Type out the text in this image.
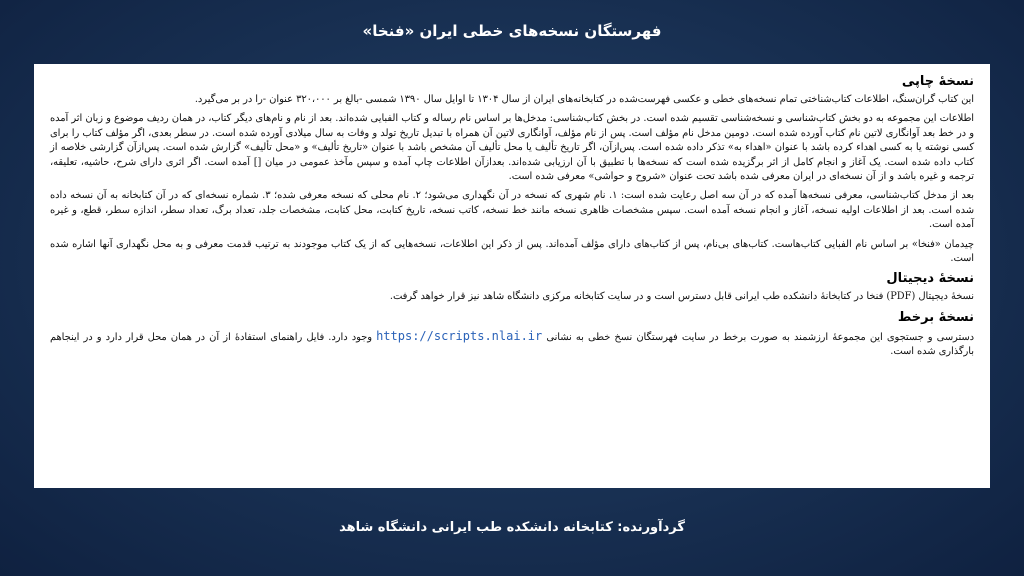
فهرستگان نسخه‌های خطی ایران «فنخا»
نسخهٔ چاپی

این کتاب گران‌سنگ، اطلاعات کتاب‌شناختی تمام نسخه‌های خطی و عکسی فهرست‌شده در کتابخانه‌های ایران از سال ۱۳۰۴ تا اوایل سال ۱۳۹۰ شمسی -بالغ بر ۳۲۰،۰۰۰ عنوان -را در بر می‌گیرد.

اطلاعات این مجموعه به دو بخش کتاب‌شناسی و نسخه‌شناسی تقسیم شده است. در بخش کتاب‌شناسی: مدخل‌ها بر اساس نام رساله و کتاب الفبایی شده‌اند. بعد از نام و نام‌های دیگر کتاب، در همان ردیف موضوع و زبان اثر آمده و در خط بعد آوانگاری لاتین نام کتاب آورده شده است. دومین مدخل نام مؤلف است. پس از نام مؤلف، آوانگاری لاتین آن همراه با تبدیل تاریخ تولد و وفات به سال میلادی آورده شده است. در سطر بعدی، اگر مؤلف کتاب را برای کسی نوشته یا به کسی اهداء کرده باشد با عنوان «اهداء به» تذکر داده شده است. پس‌ازآن، اگر تاریخ تألیف یا محل تألیف آن مشخص باشد با عنوان «تاریخ تألیف» و «محل تألیف» گزارش شده است. پس‌ازآن گزارشی خلاصه از کتاب داده شده است. یک آغاز و انجام کامل از اثر برگزیده شده است که نسخه‌ها با تطبیق با آن ارزیابی شده‌اند. بعدازآن اطلاعات چاپ آمده و سپس مآخذ عمومی در میان [] آمده است. اگر اثری دارای شرح، حاشیه، تعلیقه، ترجمه و غیره باشد و از آن نسخه‌ای در ایران معرفی شده باشد تحت عنوان «شروح و حواشی» معرفی شده است.

بعد از مدخل کتاب‌شناسی، معرفی نسخه‌ها آمده که در آن سه اصل رعایت شده است: ۱. نام شهری که نسخه در آن نگهداری می‌شود؛ ۲. نام محلی که نسخه معرفی شده؛ ۳. شماره نسخه‌ای که در آن کتابخانه به آن نسخه داده شده است. بعد از اطلاعات اولیه نسخه، آغاز و انجام نسخه آمده است. سپس مشخصات ظاهری نسخه مانند خط نسخه، کاتب نسخه، تاریخ کتابت، محل کتابت، مشخصات جلد، تعداد برگ، تعداد سطر، اندازه سطر، قطع، و غیره آمده است.

چیدمان «فنخا» بر اساس نام الفبایی کتاب‌هاست. کتاب‌های بی‌نام، پس از کتاب‌های دارای مؤلف آمده‌اند. پس از ذکر این اطلاعات، نسخه‌هایی که از یک کتاب موجودند به ترتیب قدمت معرفی و به محل نگهداری آنها اشاره شده است.

نسخهٔ دیجیتال

نسخهٔ دیجیتال (PDF) فنخا در کتابخانهٔ دانشکده طب ایرانی قابل دسترس است و در سایت کتابخانه مرکزی دانشگاه شاهد نیز قرار خواهد گرفت.

نسخهٔ برخط

دسترسی و جستجوی این مجموعهٔ ارزشمند به صورت برخط در سایت فهرستگان نسخ خطی به نشانی https://scripts.nlai.ir وجود دارد. فایل راهنمای استفادهٔ از آن در همان محل قرار دارد و در اینجاهم بارگذاری شده است.

گردآورنده: کتابخانه دانشکده طب ایرانی دانشگاه شاهد
